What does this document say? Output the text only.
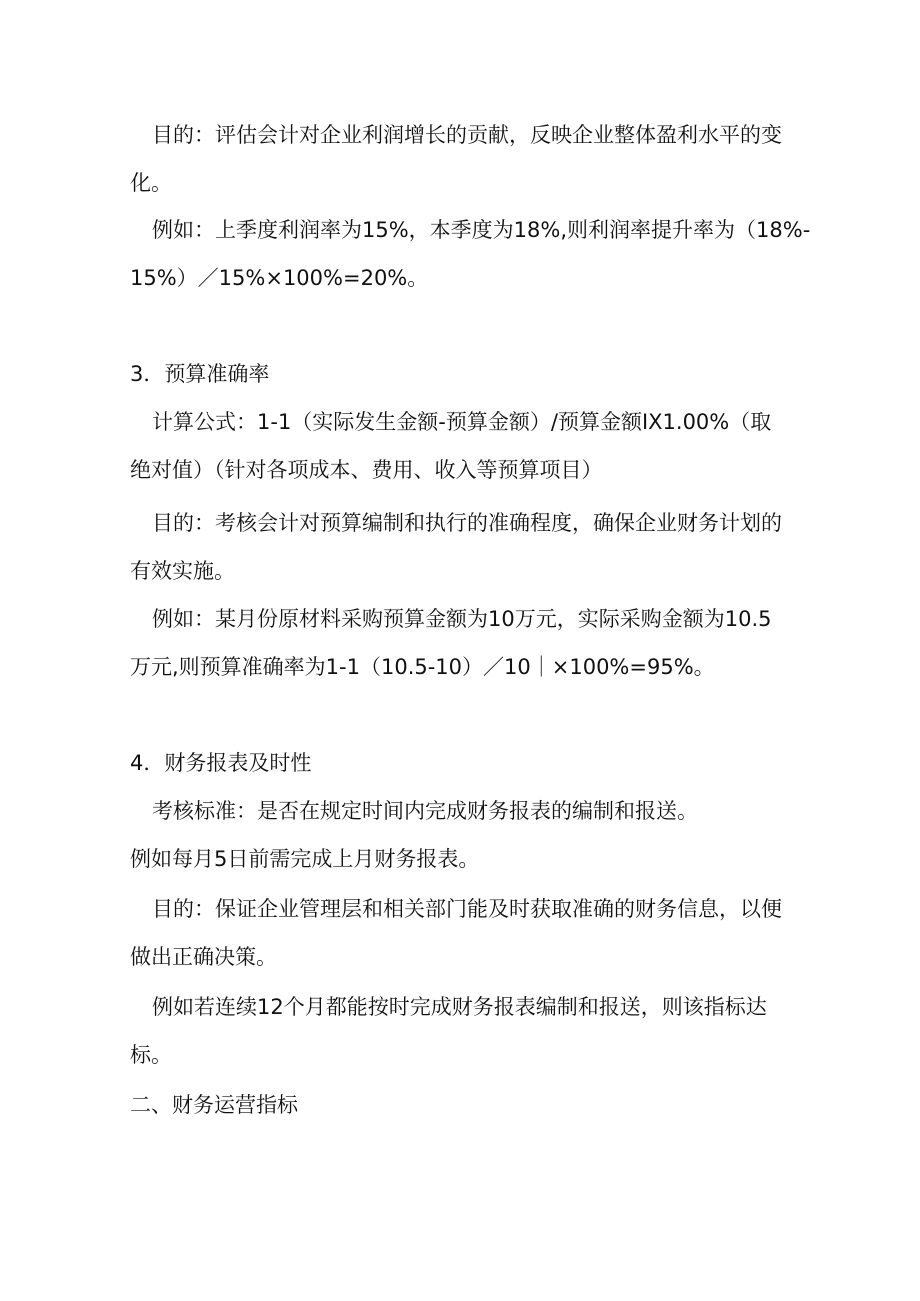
目的：评估会计对企业利润增长的贡献，反映企业整体盈利水平的变
化。
例如：上季度利润率为15%，本季度为18%,则利润率提升率为（18%-
15%）／15%×100%=20%。
3．预算准确率
计算公式：1-1（实际发生金额-预算金额）/预算金额IX1.00%（取
绝对值）（针对各项成本、费用、收入等预算项目）
目的：考核会计对预算编制和执行的准确程度，确保企业财务计划的
有效实施。
例如：某月份原材料采购预算金额为10万元，实际采购金额为10.5
万元,则预算准确率为1-1（10.5-10）／10｜×100%=95%。
4．财务报表及时性
考核标准：是否在规定时间内完成财务报表的编制和报送。
例如每月5日前需完成上月财务报表。
目的：保证企业管理层和相关部门能及时获取准确的财务信息，以便
做出正确决策。
例如若连续12个月都能按时完成财务报表编制和报送，则该指标达
标。
二、财务运营指标
